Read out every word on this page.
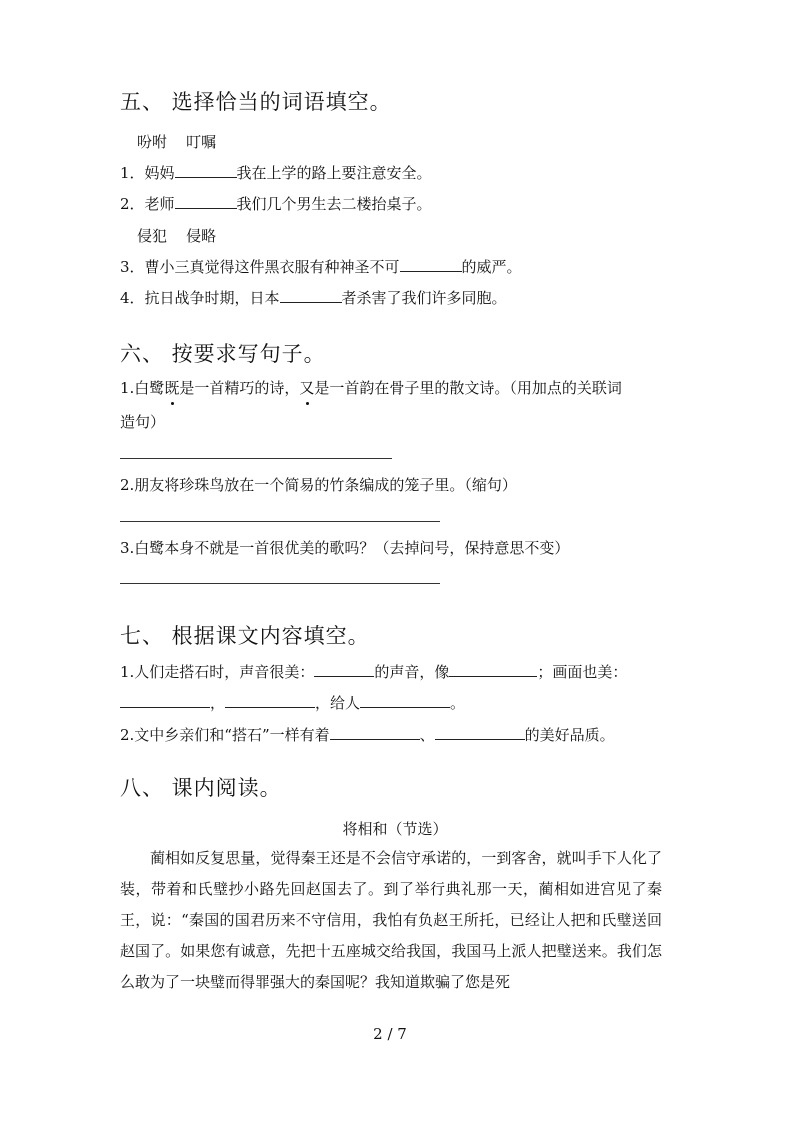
五、 选择恰当的词语填空。
吩咐    叮嘱
1．妈妈	我在上学的路上要注意安全。
2．老师	我们几个男生去二楼抬桌子。
侵犯    侵略
3．曹小三真觉得这件黑衣服有种神圣不可	的威严。
4．抗日战争时期，日本	者杀害了我们许多同胞。
六、 按要求写句子。
1.白鹭既是一首精巧的诗，又是一首韵在骨子里的散文诗。（用加点的关联词
造句）
2.朋友将珍珠鸟放在一个简易的竹条编成的笼子里。（缩句）
3.白鹭本身不就是一首很优美的歌吗？（去掉问号，保持意思不变）
七、 根据课文内容填空。
1.人们走搭石时，声音很美：	的声音，像	；画面也美：
，	，给人	。
2.文中乡亲们和“搭石”一样有着	、	的美好品质。
八、 课内阅读。
将相和（节选）

蔺相如反复思量，觉得秦王还是不会信守承诺的，一到客舍，就叫手下人化了装，带着和氏璧抄小路先回赵国去了。到了举行典礼那一天，蔺相如进宫见了秦王，说：“秦国的国君历来不守信用，我怕有负赵王所托，已经让人把和氏璧送回赵国了。如果您有诚意，先把十五座城交给我国，我国马上派人把璧送来。我们怎么敢为了一块璧而得罪强大的秦国呢？我知道欺骗了您是死

2 / 7
